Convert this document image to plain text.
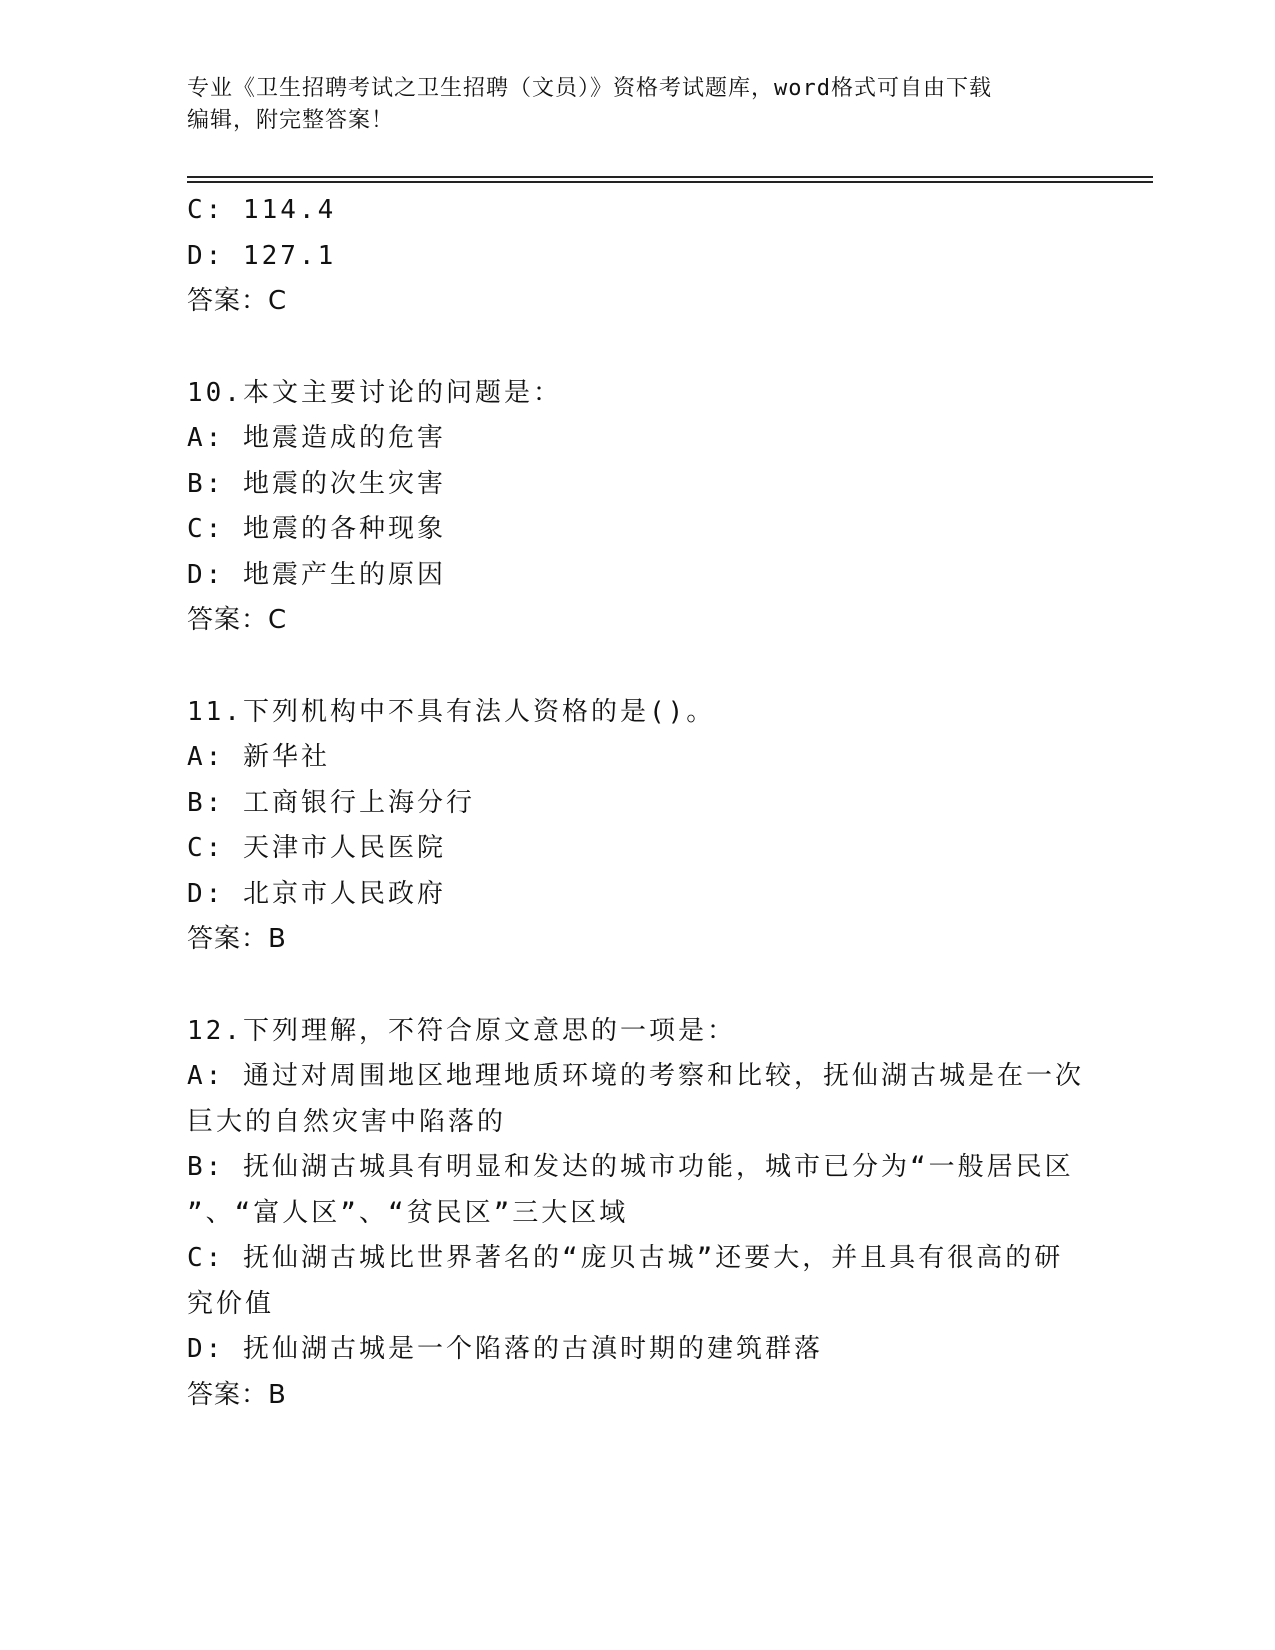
专业《卫生招聘考试之卫生招聘（文员）》资格考试题库，word格式可自由下载
编辑，附完整答案！
C: 114.4
D: 127.1
答案：C
10.本文主要讨论的问题是：
A: 地震造成的危害
B: 地震的次生灾害
C: 地震的各种现象
D: 地震产生的原因
答案：C
11.下列机构中不具有法人资格的是()。
A: 新华社
B: 工商银行上海分行
C: 天津市人民医院
D: 北京市人民政府
答案：B
12.下列理解，不符合原文意思的一项是：
A: 通过对周围地区地理地质环境的考察和比较，抚仙湖古城是在一次
巨大的自然灾害中陷落的
B: 抚仙湖古城具有明显和发达的城市功能，城市已分为“一般居民区
”、“富人区”、“贫民区”三大区域
C: 抚仙湖古城比世界著名的“庞贝古城”还要大，并且具有很高的研
究价值
D: 抚仙湖古城是一个陷落的古滇时期的建筑群落
答案：B
